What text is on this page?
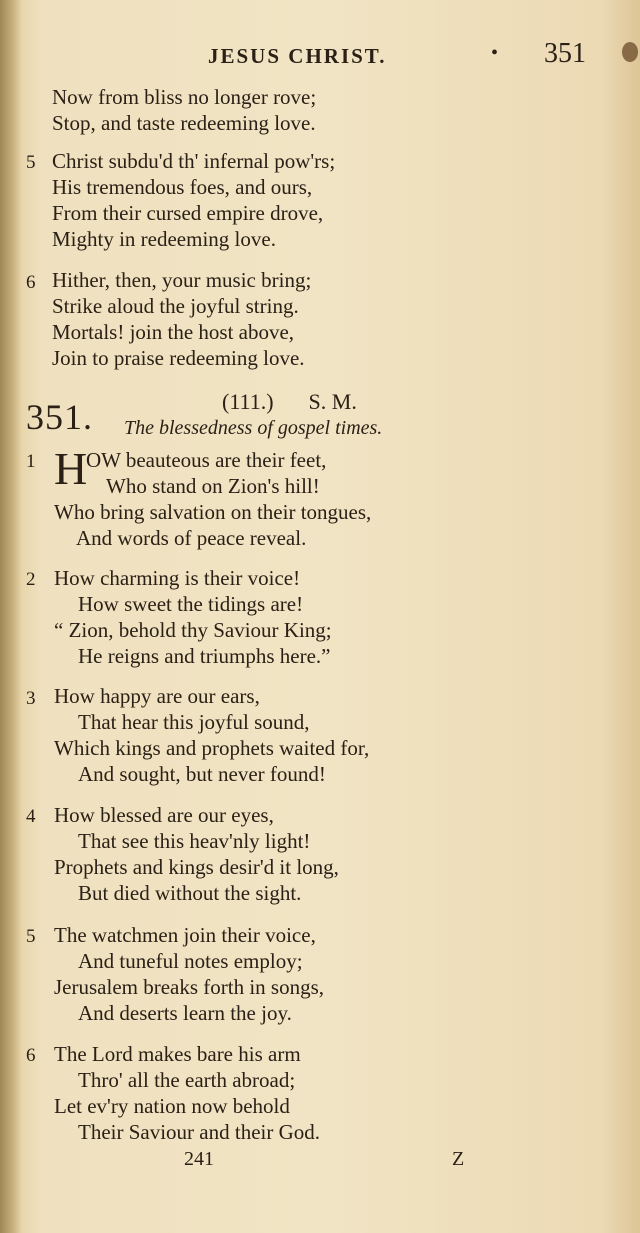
JESUS CHRIST.	• 351
Now from bliss no longer rove;
Stop, and taste redeeming love.
5 Christ subdu'd th' infernal pow'rs;
His tremendous foes, and ours,
From their cursed empire drove,
Mighty in redeeming love.
6 Hither, then, your music bring;
Strike aloud the joyful string.
Mortals! join the host above,
Join to praise redeeming love.
351.	(111.) S. M.
The blessedness of gospel times.
1 H
OW beauteous are their feet,
Who stand on Zion's hill!
Who bring salvation on their tongues,
And words of peace reveal.
2 How charming is their voice!
How sweet the tidings are!
“ Zion, behold thy Saviour King;
He reigns and triumphs here.”
3 How happy are our ears,
That hear this joyful sound,
Which kings and prophets waited for,
And sought, but never found!
4 How blessed are our eyes,
That see this heav'nly light!
Prophets and kings desir'd it long,
But died without the sight.
5 The watchmen join their voice,
And tuneful notes employ;
Jerusalem breaks forth in songs,
And deserts learn the joy.
6 The Lord makes bare his arm
Thro' all the earth abroad;
Let ev'ry nation now behold
Their Saviour and their God.
241	Z
